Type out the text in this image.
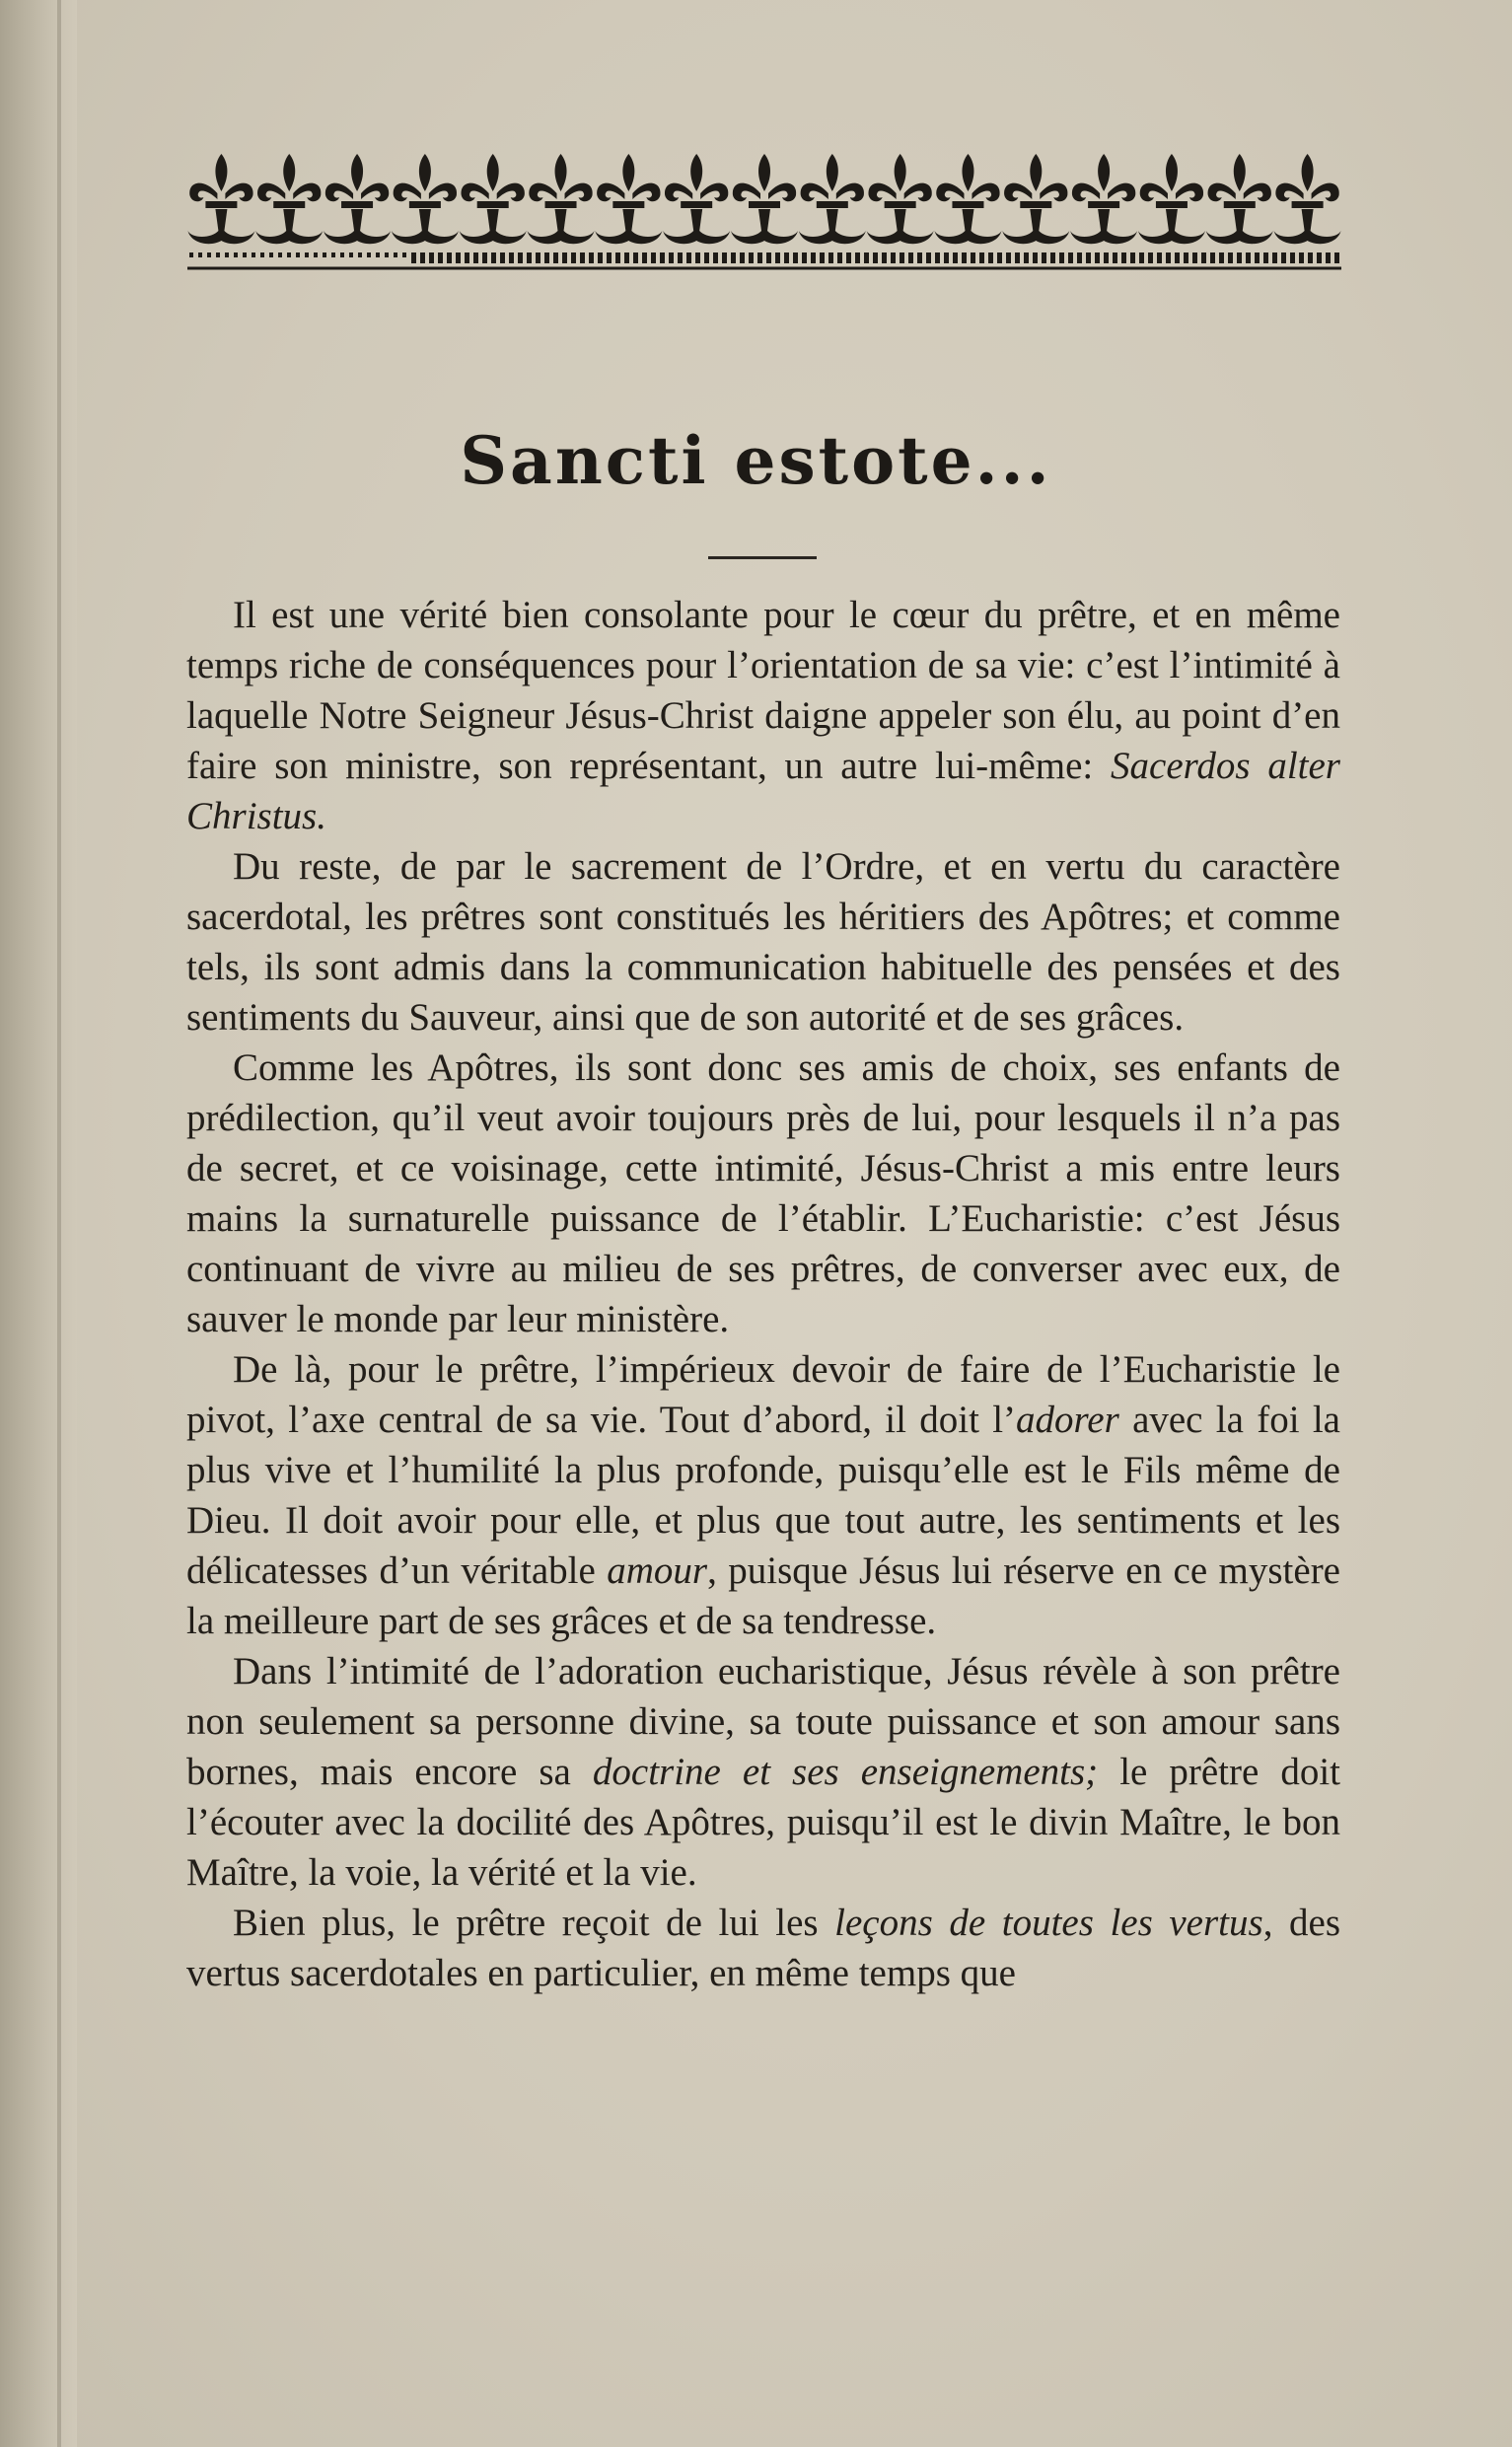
Sancti estote...

Il est une vérité bien consolante pour le cœur du prêtre, et en même temps riche de conséquences pour l’orientation de sa vie: c’est l’intimité à laquelle Notre Seigneur Jésus-Christ daigne appeler son élu, au point d’en faire son ministre, son représentant, un autre lui-même: Sacerdos alter Christus.

Du reste, de par le sacrement de l’Ordre, et en vertu du caractère sacerdotal, les prêtres sont constitués les héritiers des Apôtres; et comme tels, ils sont admis dans la communication habituelle des pensées et des sentiments du Sauveur, ainsi que de son autorité et de ses grâces.

Comme les Apôtres, ils sont donc ses amis de choix, ses enfants de prédilection, qu’il veut avoir toujours près de lui, pour lesquels il n’a pas de secret, et ce voisinage, cette intimité, Jésus-Christ a mis entre leurs mains la surnaturelle puissance de l’établir. L’Eucharistie: c’est Jésus continuant de vivre au milieu de ses prêtres, de converser avec eux, de sauver le monde par leur ministère.

De là, pour le prêtre, l’impérieux devoir de faire de l’Eucharistie le pivot, l’axe central de sa vie. Tout d’abord, il doit l’adorer avec la foi la plus vive et l’humilité la plus profonde, puisqu’elle est le Fils même de Dieu. Il doit avoir pour elle, et plus que tout autre, les sentiments et les délicatesses d’un véritable amour, puisque Jésus lui réserve en ce mystère la meilleure part de ses grâces et de sa tendresse.

Dans l’intimité de l’adoration eucharistique, Jésus révèle à son prêtre non seulement sa personne divine, sa toute puissance et son amour sans bornes, mais encore sa doctrine et ses enseignements; le prêtre doit l’écouter avec la docilité des Apôtres, puisqu’il est le divin Maître, le bon Maître, la voie, la vérité et la vie.

Bien plus, le prêtre reçoit de lui les leçons de toutes les vertus, des vertus sacerdotales en particulier, en même temps que
